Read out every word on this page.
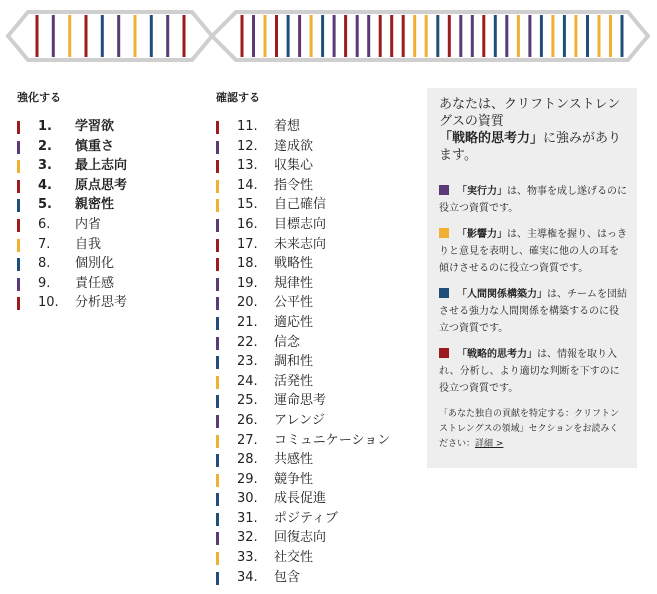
強化する
1. 学習欲
2. 慎重さ
3. 最上志向
4. 原点思考
5. 親密性
6. 内省
7. 自我
8. 個別化
9. 責任感
10. 分析思考
確認する
11. 着想
12. 達成欲
13. 収集心
14. 指令性
15. 自己確信
16. 目標志向
17. 未来志向
18. 戦略性
19. 規律性
20. 公平性
21. 適応性
22. 信念
23. 調和性
24. 活発性
25. 運命思考
26. アレンジ
27. コミュニケーション
28. 共感性
29. 競争性
30. 成長促進
31. ポジティブ
32. 回復志向
33. 社交性
34. 包含

あなたは、クリフトンストレングスの資質
「戦略的思考力」に強みがあります。

「実行力」は、物事を成し遂げるのに役立つ資質です。

「影響力」は、主導権を握り、はっきりと意見を表明し、確実に他の人の耳を傾けさせるのに役立つ資質です。

「人間関係構築力」は、チームを団結させる強力な人間関係を構築するのに役立つ資質です。

「戦略的思考力」は、情報を取り入れ、分析し、より適切な判断を下すのに役立つ資質です。

「あなた独自の貢献を特定する：クリフトンストレングスの領域」セクションをお読みください：詳細 >
